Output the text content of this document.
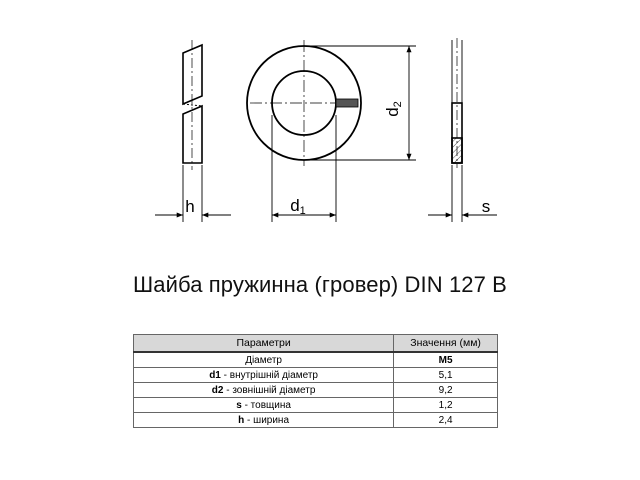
h	d1
d2
s
Шайба пружинна (гровер) DIN 127 B
Параметри	Значення (мм)
Діаметр	M5
d1 - внутрішній діаметр	5,1
d2 - зовнішній діаметр	9,2
s - товщина	1,2
h - ширина	2,4
